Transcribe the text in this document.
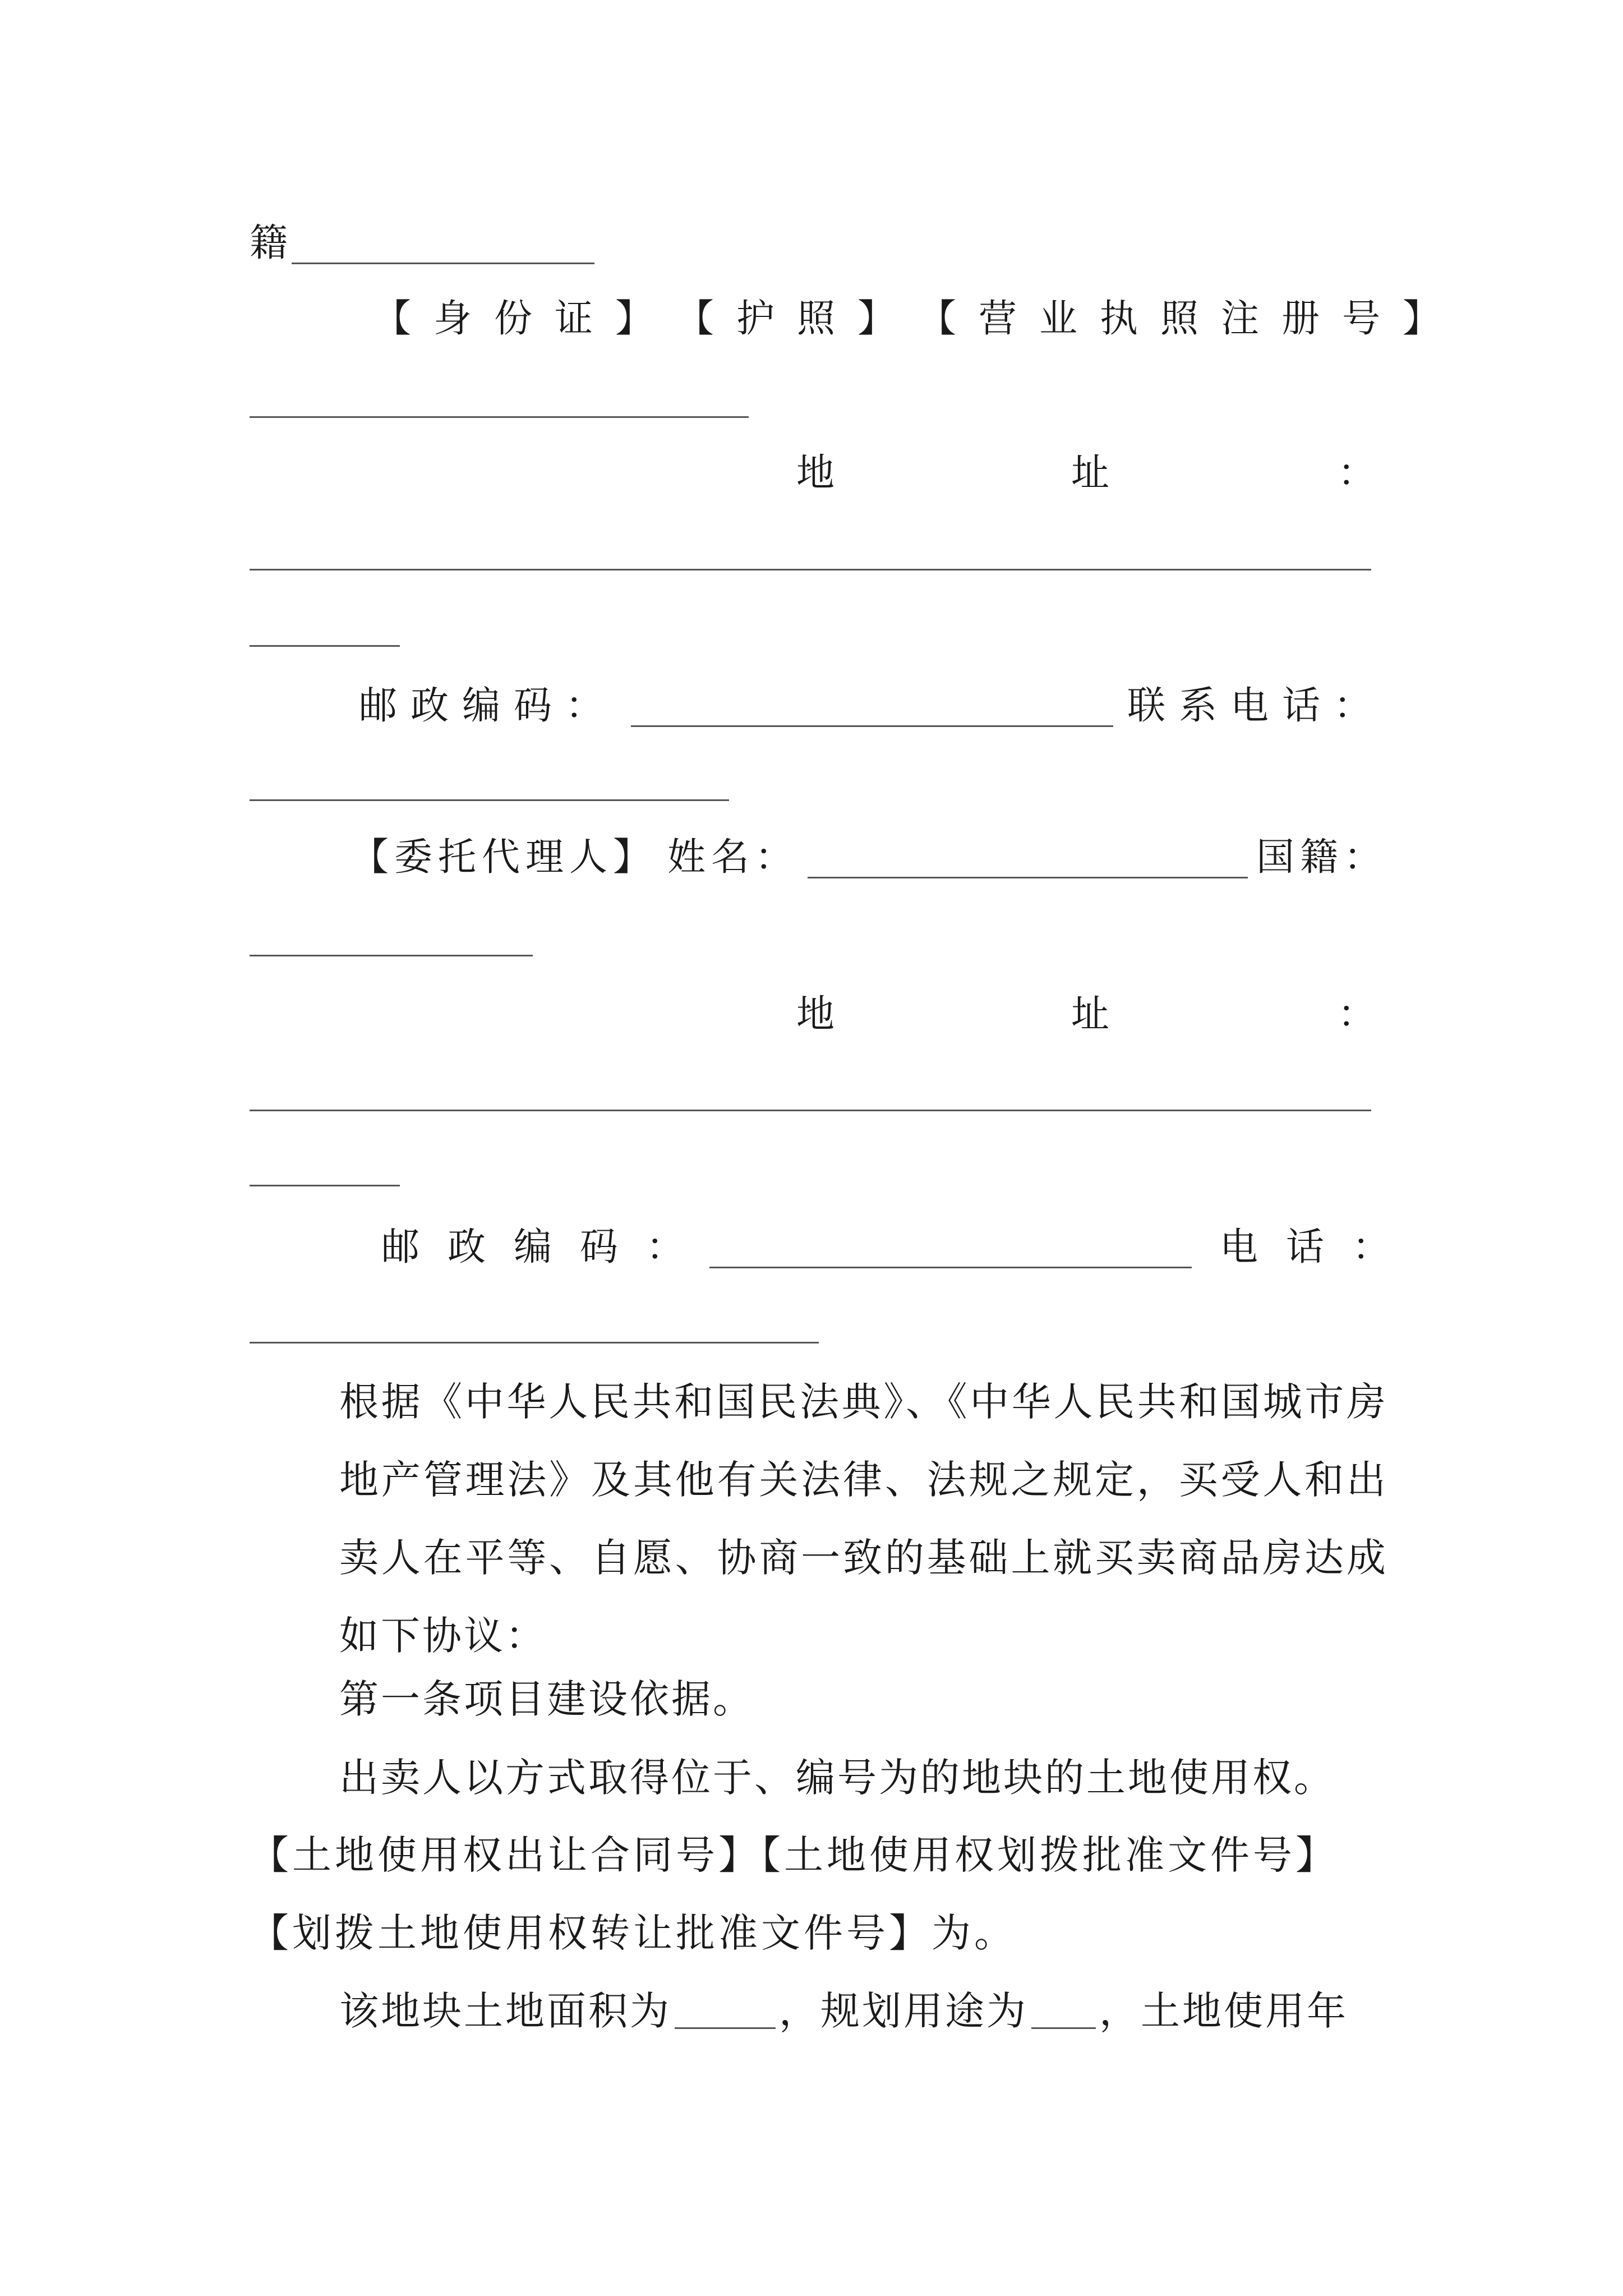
籍
【身份证】 【护照】 【营业执照注册号】
地	址	：
邮政编码：	联系电话：
【委托代理人】 姓名：	国籍：
地	址	：
邮政编码：	电话：
根据《中华人民共和国民法典》、《中华人民共和国城市房地产管理法》及其他有关法律、法规之规定，买受人和出卖人在平等、自愿、协商一致的基础上就买卖商品房达成如下协议：
第一条项目建设依据。
出卖人以方式取得位于、编号为的地块的土地使用权。
【土地使用权出让合同号】【土地使用权划拨批准文件号】
【划拨土地使用权转让批准文件号】为。
该地块土地面积为	，规划用途为 ，土地使用年
